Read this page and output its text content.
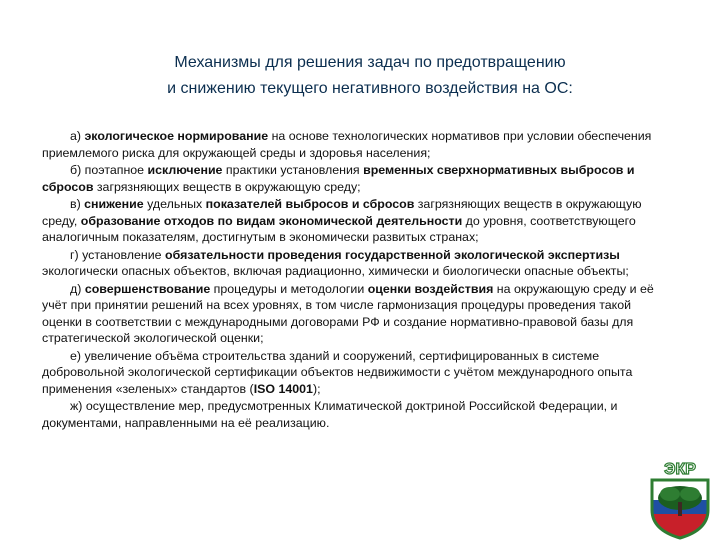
Механизмы для решения задач по предотвращению
и снижению текущего негативного воздействия на ОС:
а) экологическое нормирование на основе технологических нормативов при условии обеспечения приемлемого риска для окружающей среды и здоровья населения;
б) поэтапное исключение практики установления временных сверхнормативных выбросов и сбросов загрязняющих веществ в окружающую среду;
в) снижение удельных показателей выбросов и сбросов загрязняющих веществ в окружающую среду, образование отходов по видам экономической деятельности до уровня, соответствующего аналогичным показателям, достигнутым в экономически развитых странах;
г) установление обязательности проведения государственной экологической экспертизы экологически опасных объектов, включая радиационно, химически и биологически опасные объекты;
д) совершенствование процедуры и методологии оценки воздействия на окружающую среду и её учёт при принятии решений на всех уровнях, в том числе гармонизация процедуры проведения такой оценки в соответствии с международными договорами РФ и создание нормативно-правовой базы для стратегической экологической оценки;
е) увеличение объёма строительства зданий и сооружений, сертифицированных в системе добровольной экологической сертификации объектов недвижимости с учётом международного опыта применения «зеленых» стандартов (ISO 14001);
ж) осуществление мер, предусмотренных Климатической доктриной Российской Федерации, и документами, направленными на её реализацию.
ЭКР
